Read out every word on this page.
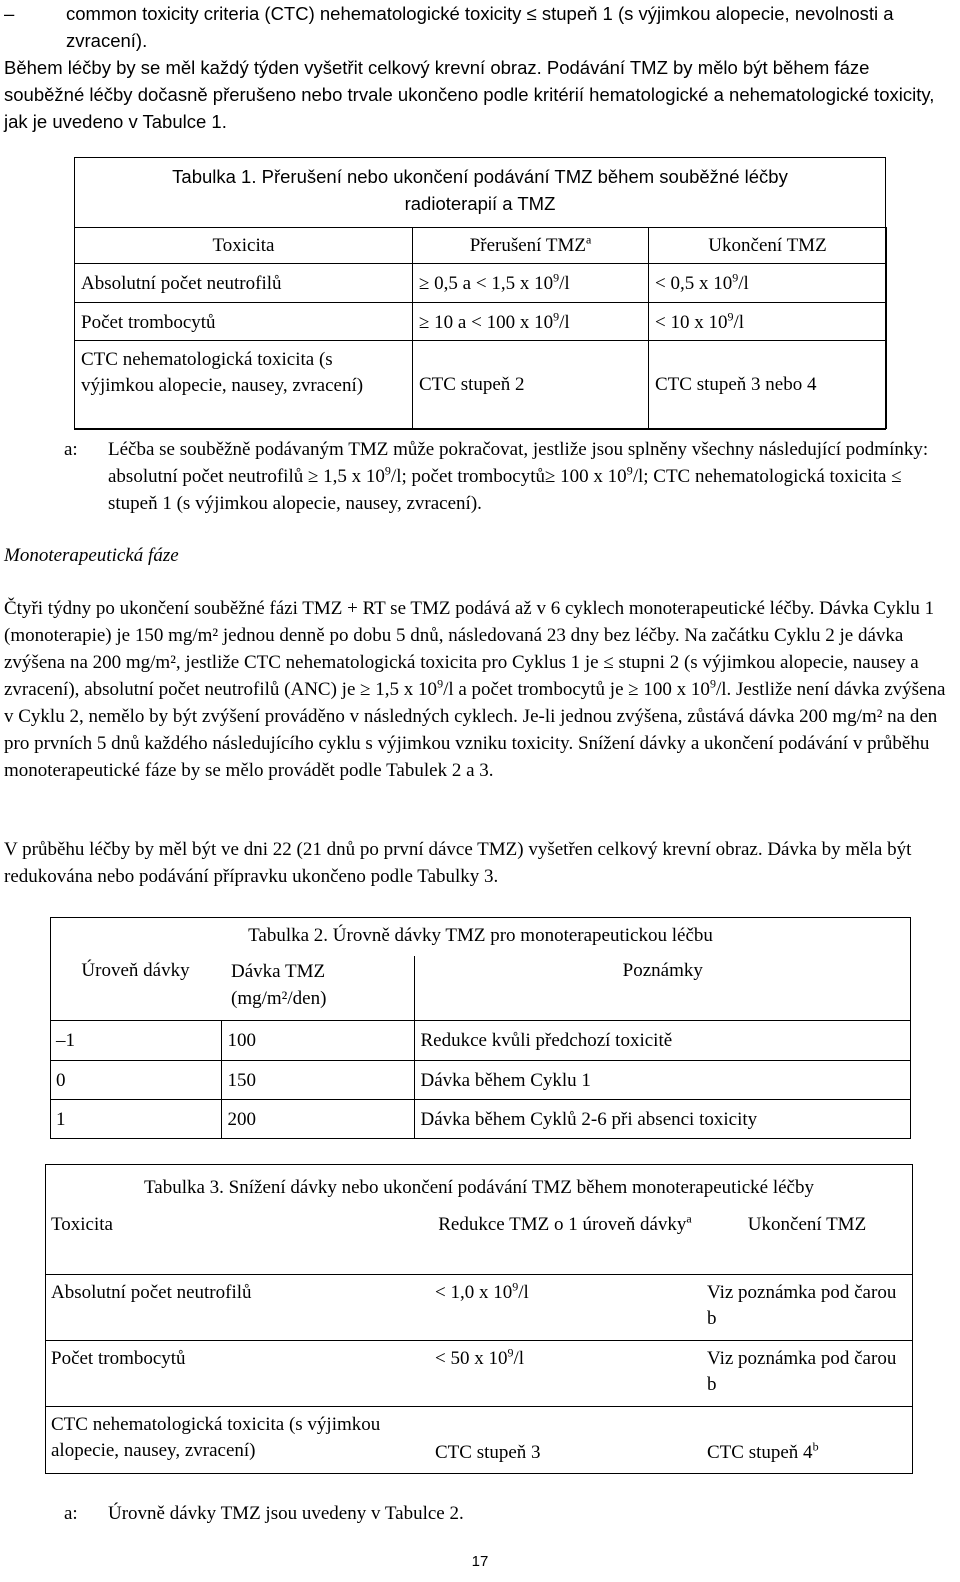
–	common toxicity criteria (CTC) nehematologické toxicity ≤ stupeň 1 (s výjimkou alopecie, nevolnosti a zvracení).

Během léčby by se měl každý týden vyšetřit celkový krevní obraz. Podávání TMZ by mělo být během fáze souběžné léčby dočasně přerušeno nebo trvale ukončeno podle kritérií hematologické a nehematologické toxicity, jak je uvedeno v Tabulce 1.

Tabulka 1. Přerušení nebo ukončení podávání TMZ během souběžné léčby
radioterapií a TMZ
Toxicita	Přerušení TMZ$^a$	Ukončení TMZ
Absolutní počet neutrofilů	≥ 0,5 a < 1,5 x $10^9/l$	< 0,5 x $10^9/l$
Počet trombocytů	≥ 10 a < 100 x $10^9/l$	< 10 x $10^9/l$
CTC nehematologická toxicita (s výjimkou alopecie, nausey, zvracení)	CTC stupeň 2	CTC stupeň 3 nebo 4
a: Léčba se souběžně podávaným TMZ může pokračovat, jestliže jsou splněny všechny následující podmínky: absolutní počet neutrofilů ≥ 1,5 x $10^9/l$; počet trombocytů≥ 100 x $10^9/l$; CTC nehematologická toxicita ≤ stupeň 1 (s výjimkou alopecie, nausey, zvracení).

Monoterapeutická fáze

Čtyři týdny po ukončení souběžné fázi TMZ + RT se TMZ podává až v 6 cyklech monoterapeutické léčby. Dávka Cyklu 1 (monoterapie) je 150 mg/m² jednou denně po dobu 5 dnů, následovaná 23 dny bez léčby. Na začátku Cyklu 2 je dávka zvýšena na 200 mg/m², jestliže CTC nehematologická toxicita pro Cyklus 1 je ≤ stupni 2 (s výjimkou alopecie, nausey a zvracení), absolutní počet neutrofilů (ANC) je ≥ 1,5 x $10^9/l$ a počet trombocytů je ≥ 100 x $10^9/l$. Jestliže není dávka zvýšena v Cyklu 2, nemělo by být zvýšení prováděno v následných cyklech. Je-li jednou zvýšena, zůstává dávka 200 mg/m² na den pro prvních 5 dnů každého následujícího cyklu s výjimkou vzniku toxicity. Snížení dávky a ukončení podávání v průběhu monoterapeutické fáze by se mělo provádět podle Tabulek 2 a 3.

V průběhu léčby by měl být ve dni 22 (21 dnů po první dávce TMZ) vyšetřen celkový krevní obraz. Dávka by měla být redukována nebo podávání přípravku ukončeno podle Tabulky 3.

Tabulka 2. Úrovně dávky TMZ pro monoterapeutickou léčbu
Úroveň dávky	Dávka TMZ (mg/m²/den)	Poznámky
–1	100	Redukce kvůli předchozí toxicitě
0	150	Dávka během Cyklu 1
1	200	Dávka během Cyklů 2-6 při absenci toxicity
Tabulka 3. Snížení dávky nebo ukončení podávání TMZ během monoterapeutické léčby
Toxicita	Redukce TMZ o 1 úroveň dávky$^a$	Ukončení TMZ
Absolutní počet neutrofilů	< 1,0 x $10^9/l$	Viz poznámka pod čarou b
Počet trombocytů	< 50 x $10^9/l$	Viz poznámka pod čarou b
CTC nehematologická toxicita (s výjimkou alopecie, nausey, zvracení)	CTC stupeň 3	CTC stupeň 4$^b$
a: Úrovně dávky TMZ jsou uvedeny v Tabulce 2.

17
